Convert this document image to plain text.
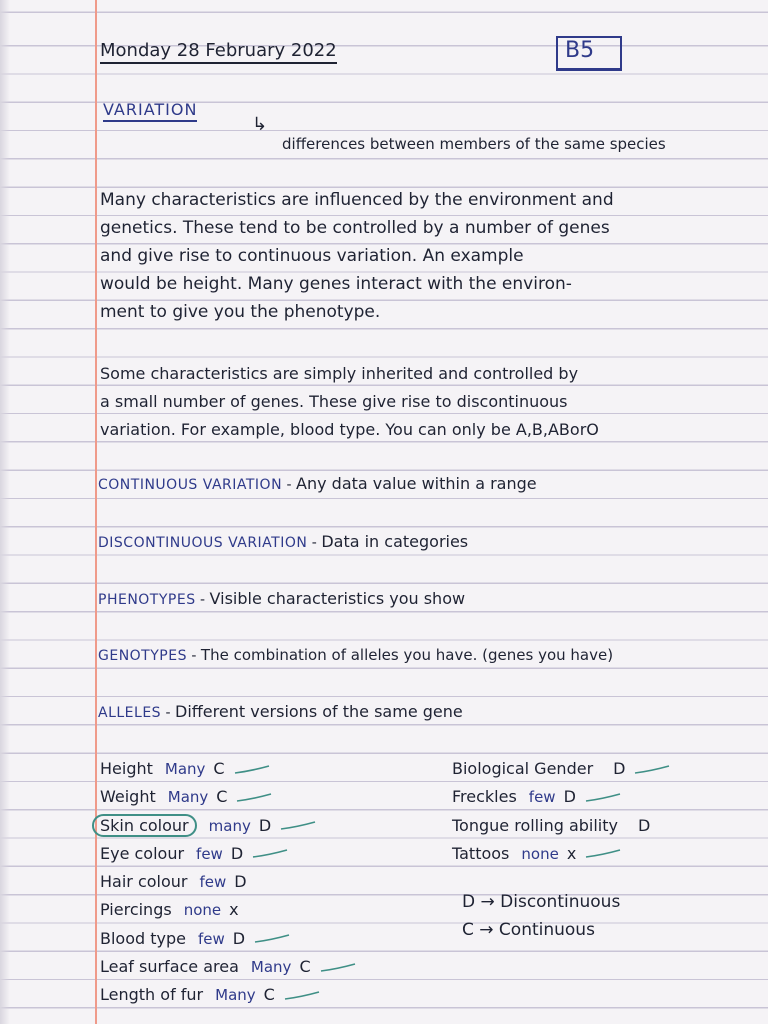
Monday 28 February 2022	B5
VARIATION
↳
differences between members of the same species
Many characteristics are influenced by the environment and
genetics. These tend to be controlled by a number of genes
and give rise to continuous variation. An example
would be height. Many genes interact with the environ-
ment to give you the phenotype.
Some characteristics are simply inherited and controlled by
a small number of genes. These give rise to discontinuous
variation. For example, blood type. You can only be A,B,ABorO
CONTINUOUS VARIATION - Any data value within a range
DISCONTINUOUS VARIATION - Data in categories
PHENOTYPES - Visible characteristics you show
GENOTYPES - The combination of alleles you have. (genes you have)
ALLELES - Different versions of the same gene
Height Many C
Weight Many C
Skin colour many D
Eye colour few D
Hair colour few D
Piercings none x
Blood type few D
Leaf surface area Many C
Length of fur Many C
Biological Gender D
Freckles few D
Tongue rolling ability D
Tattoos none x
D → Discontinuous
C → Continuous
